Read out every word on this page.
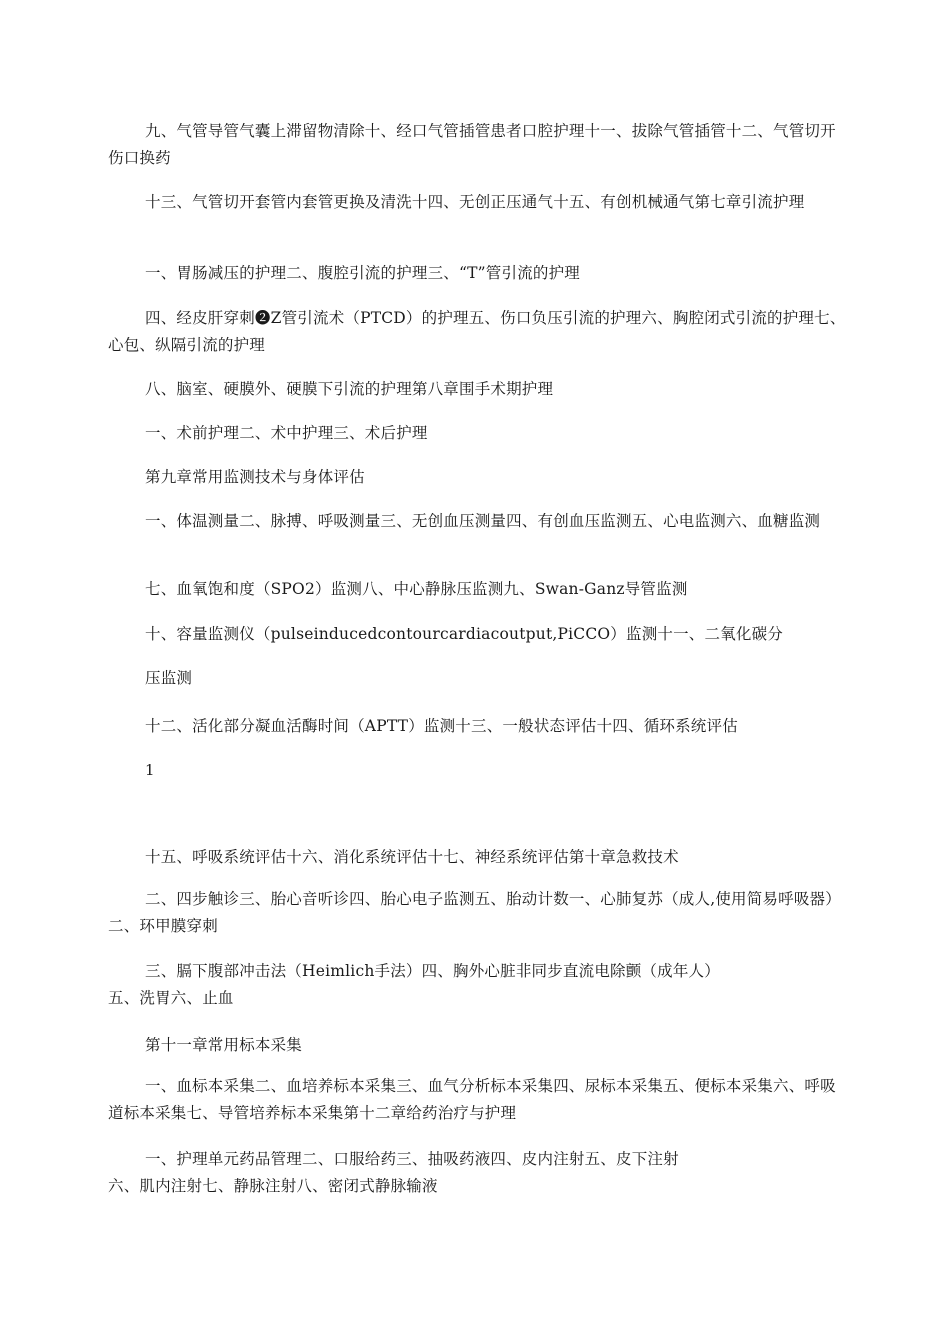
九、气管导管气囊上滞留物清除十、经口气管插管患者口腔护理十一、拔除气管插管十二、气管切开伤口换药

十三、气管切开套管内套管更换及清洗十四、无创正压通气十五、有创机械通气第七章引流护理

一、胃肠减压的护理二、腹腔引流的护理三、“T”管引流的护理

四、经皮肝穿刺❷Z管引流术（PTCD）的护理五、伤口负压引流的护理六、胸腔闭式引流的护理七、心包、纵隔引流的护理

八、脑室、硬膜外、硬膜下引流的护理第八章围手术期护理

一、术前护理二、术中护理三、术后护理

第九章常用监测技术与身体评估

一、体温测量二、脉搏、呼吸测量三、无创血压测量四、有创血压监测五、心电监测六、血糖监测

七、血氧饱和度（SPO2）监测八、中心静脉压监测九、Swan-Ganz导管监测

十、容量监测仪（pulseinducedcontourcardiacoutput,PiCCO）监测十一、二氧化碳分

压监测

十二、活化部分凝血活酶时间（APTT）监测十三、一般状态评估十四、循环系统评估

1

十五、呼吸系统评估十六、消化系统评估十七、神经系统评估第十章急救技术

二、四步触诊三、胎心音听诊四、胎心电子监测五、胎动计数一、心肺复苏（成人,使用简易呼吸器）二、环甲膜穿刺

三、膈下腹部冲击法（Heimlich手法）四、胸外心脏非同步直流电除颤（成年人）

五、洗胃六、止血

第十一章常用标本采集

一、血标本采集二、血培养标本采集三、血气分析标本采集四、尿标本采集五、便标本采集六、呼吸道标本采集七、导管培养标本采集第十二章给药治疗与护理

一、护理单元药品管理二、口服给药三、抽吸药液四、皮内注射五、皮下注射

六、肌内注射七、静脉注射八、密闭式静脉输液
